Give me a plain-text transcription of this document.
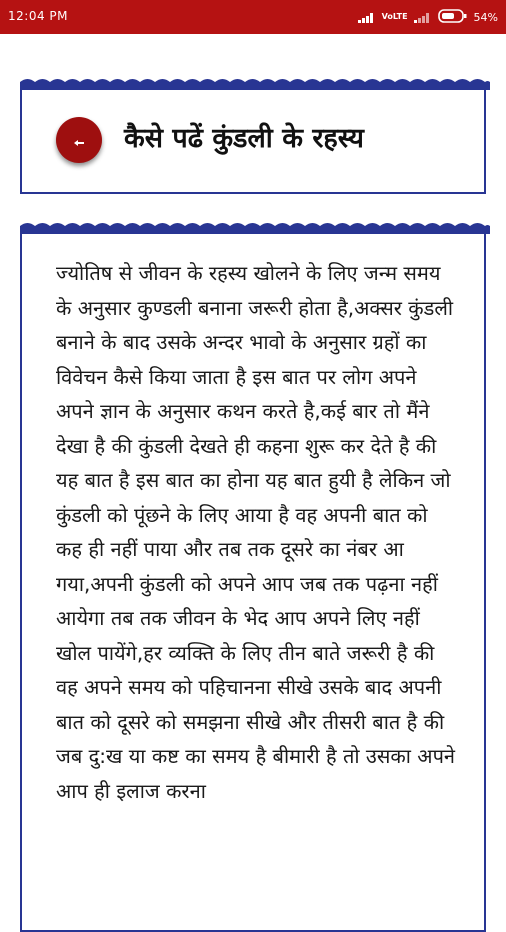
12:04 PM	VoLTE	54%
कैसे पढें कुंडली के रहस्य
ज्योतिष से जीवन के रहस्य खोलने के लिए जन्म समय के अनुसार कुण्डली बनाना जरूरी होता है,अक्सर कुंडली बनाने के बाद उसके अन्दर भावो के अनुसार ग्रहों का विवेचन कैसे किया जाता है इस बात पर लोग अपने अपने ज्ञान के अनुसार कथन करते है,कई बार तो मैंने देखा है की कुंडली देखते ही कहना शुरू कर देते है की यह बात है इस बात का होना यह बात हुयी है लेकिन जो कुंडली को पूंछने के लिए आया है वह अपनी बात को कह ही नहीं पाया और तब तक दूसरे का नंबर आ गया,अपनी कुंडली को अपने आप जब तक पढ़ना नहीं आयेगा तब तक जीवन के भेद आप अपने लिए नहीं खोल पायेंगे,हर व्यक्ति के लिए तीन बाते जरूरी है की वह अपने समय को पहिचानना सीखे उसके बाद अपनी बात को दूसरे को समझना सीखे और तीसरी बात है की जब दु:ख या कष्ट का समय है बीमारी है तो उसका अपने आप ही इलाज करना
